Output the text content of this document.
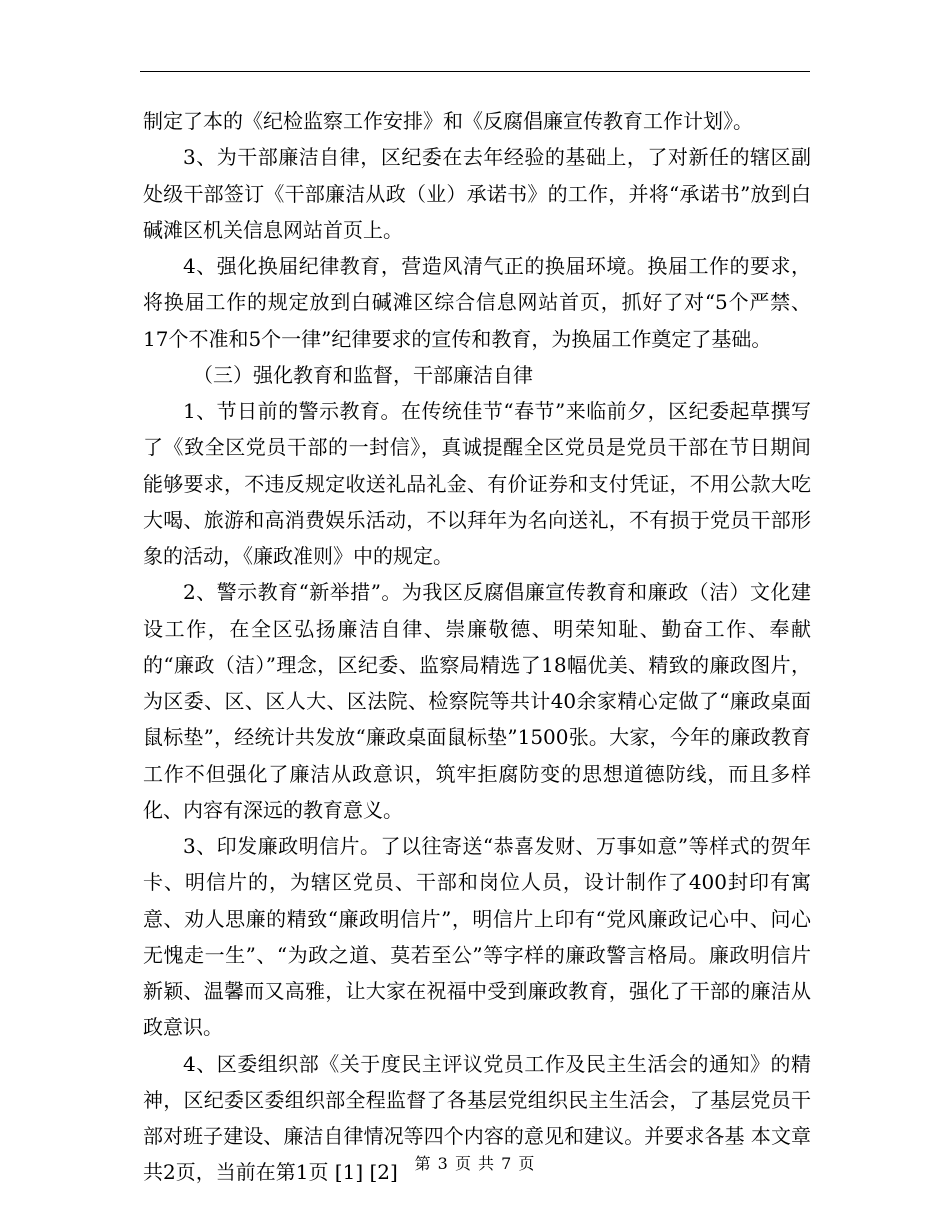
制定了本的《纪检监察工作安排》和《反腐倡廉宣传教育工作计划》。

3、为干部廉洁自律，区纪委在去年经验的基础上，了对新任的辖区副处级干部签订《干部廉洁从政（业）承诺书》的工作，并将“承诺书”放到白碱滩区机关信息网站首页上。

4、强化换届纪律教育，营造风清气正的换届环境。换届工作的要求，将换届工作的规定放到白碱滩区综合信息网站首页，抓好了对“5个严禁、17个不准和5个一律”纪律要求的宣传和教育，为换届工作奠定了基础。

（三）强化教育和监督，干部廉洁自律

1、节日前的警示教育。在传统佳节“春节”来临前夕，区纪委起草撰写了《致全区党员干部的一封信》，真诚提醒全区党员是党员干部在节日期间能够要求，不违反规定收送礼品礼金、有价证券和支付凭证，不用公款大吃大喝、旅游和高消费娱乐活动，不以拜年为名向送礼，不有损于党员干部形象的活动，《廉政准则》中的规定。

2、警示教育“新举措”。为我区反腐倡廉宣传教育和廉政（洁）文化建设工作，在全区弘扬廉洁自律、崇廉敬德、明荣知耻、勤奋工作、奉献的“廉政（洁）”理念，区纪委、监察局精选了18幅优美、精致的廉政图片，为区委、区、区人大、区法院、检察院等共计40余家精心定做了“廉政桌面鼠标垫”，经统计共发放“廉政桌面鼠标垫”1500张。大家，今年的廉政教育工作不但强化了廉洁从政意识，筑牢拒腐防变的思想道德防线，而且多样化、内容有深远的教育意义。

3、印发廉政明信片。了以往寄送“恭喜发财、万事如意”等样式的贺年卡、明信片的，为辖区党员、干部和岗位人员，设计制作了400封印有寓意、劝人思廉的精致“廉政明信片”，明信片上印有“党风廉政记心中、问心无愧走一生”、“为政之道、莫若至公”等字样的廉政警言格局。廉政明信片新颖、温馨而又高雅，让大家在祝福中受到廉政教育，强化了干部的廉洁从政意识。

4、区委组织部《关于度民主评议党员工作及民主生活会的通知》的精神，区纪委区委组织部全程监督了各基层党组织民主生活会，了基层党员干部对班子建设、廉洁自律情况等四个内容的意见和建议。并要求各基 本文章共2页，当前在第1页 [1] [2]	第 3 页 共 7 页
